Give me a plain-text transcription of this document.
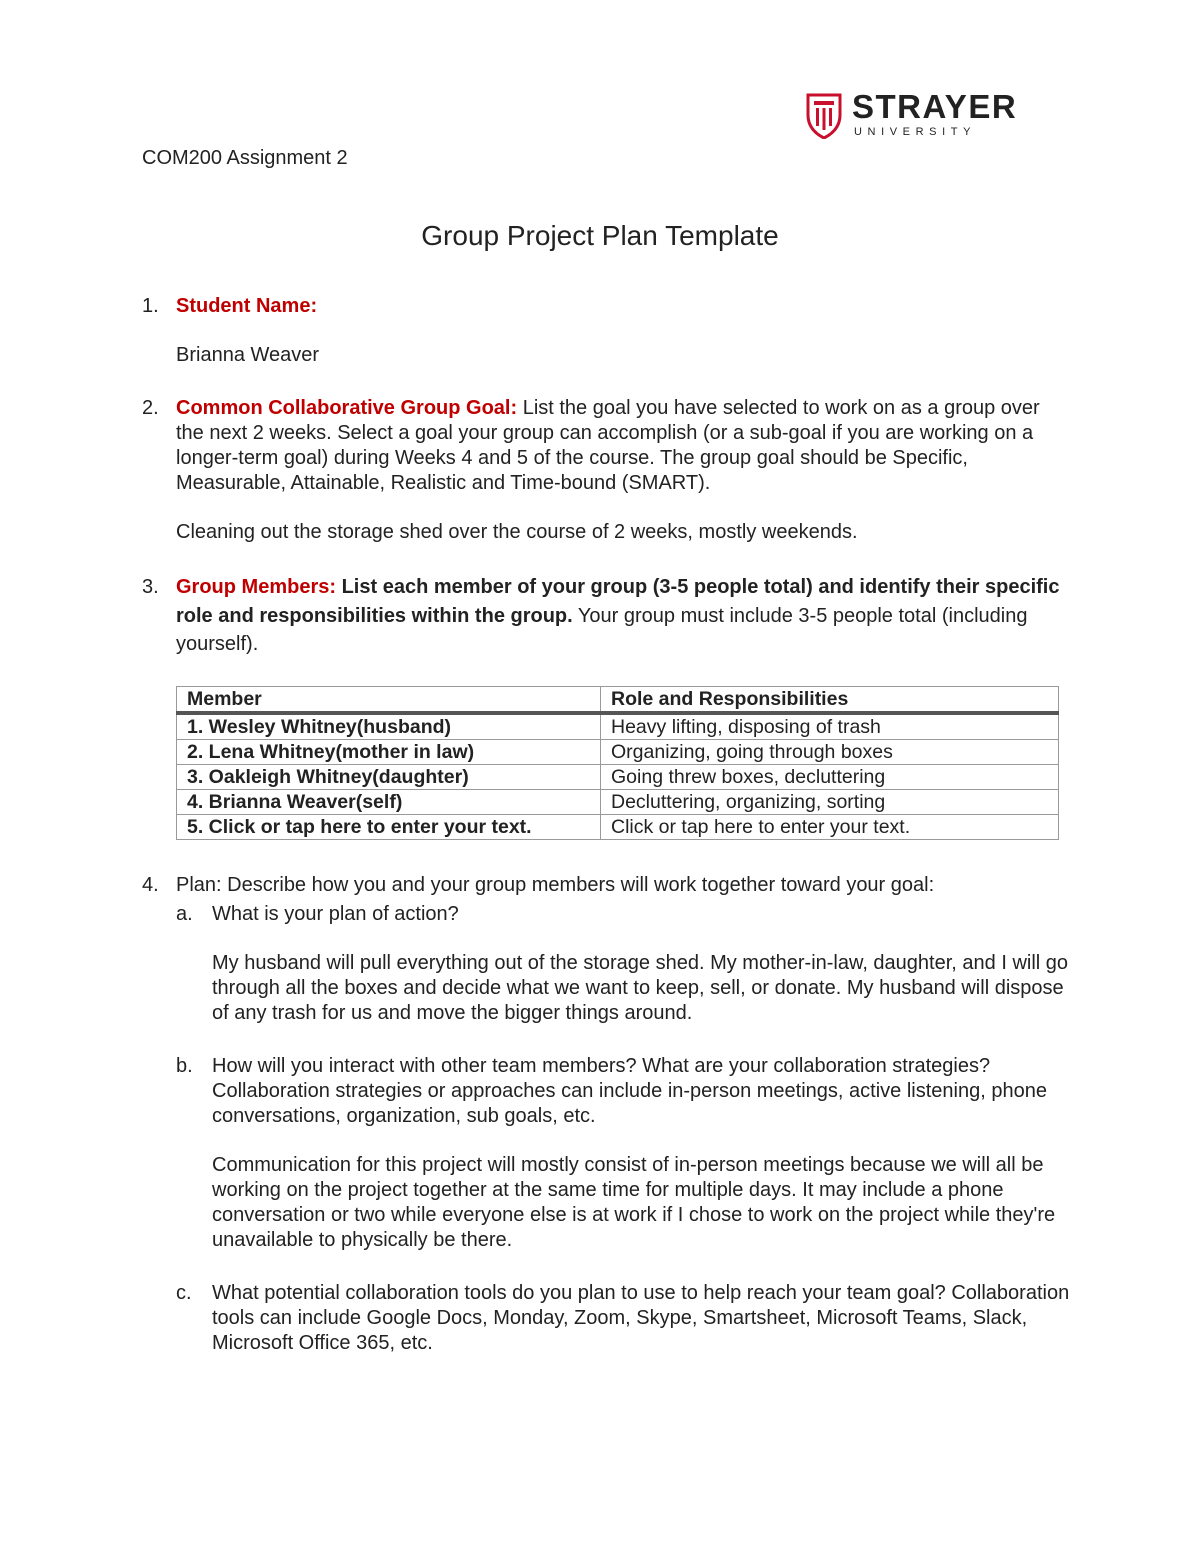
STRAYER
UNIVERSITY
COM200 Assignment 2
Group Project Plan Template
1. Student Name:

Brianna Weaver

2. Common Collaborative Group Goal: List the goal you have selected to work on as a group over the next 2 weeks. Select a goal your group can accomplish (or a sub-goal if you are working on a longer-term goal) during Weeks 4 and 5 of the course. The group goal should be Specific, Measurable, Attainable, Realistic and Time-bound (SMART).

Cleaning out the storage shed over the course of 2 weeks, mostly weekends.

3. Group Members: List each member of your group (3-5 people total) and identify their specific role and responsibilities within the group. Your group must include 3-5 people total (including yourself).

Member	Role and Responsibilities
1. Wesley Whitney(husband)	Heavy lifting, disposing of trash
2. Lena Whitney(mother in law)	Organizing, going through boxes
3. Oakleigh Whitney(daughter)	Going threw boxes, decluttering
4. Brianna Weaver(self)	Decluttering, organizing, sorting
5. Click or tap here to enter your text.	Click or tap here to enter your text.
4. Plan: Describe how you and your group members will work together toward your goal:

a. What is your plan of action?

My husband will pull everything out of the storage shed. My mother-in-law, daughter, and I will go through all the boxes and decide what we want to keep, sell, or donate. My husband will dispose of any trash for us and move the bigger things around.

b. How will you interact with other team members? What are your collaboration strategies? Collaboration strategies or approaches can include in-person meetings, active listening, phone conversations, organization, sub goals, etc.

Communication for this project will mostly consist of in-person meetings because we will all be working on the project together at the same time for multiple days. It may include a phone conversation or two while everyone else is at work if I chose to work on the project while they're unavailable to physically be there.

c. What potential collaboration tools do you plan to use to help reach your team goal? Collaboration tools can include Google Docs, Monday, Zoom, Skype, Smartsheet, Microsoft Teams, Slack, Microsoft Office 365, etc.
